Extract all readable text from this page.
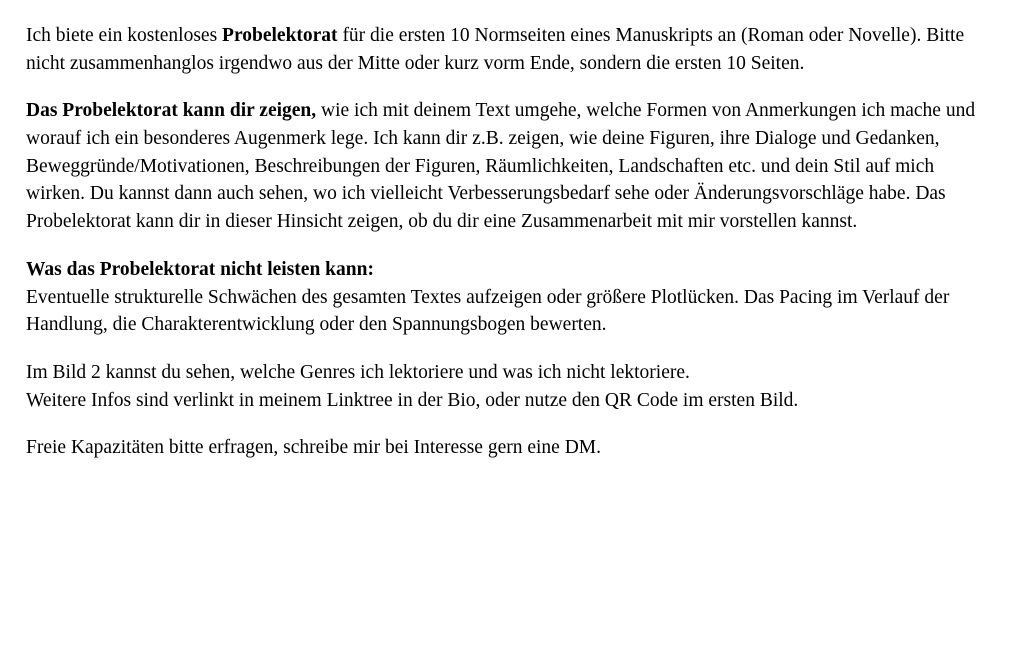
Ich biete ein kostenloses Probelektorat für die ersten 10 Normseiten eines Manuskripts an (Roman oder Novelle). Bitte nicht zusammenhanglos irgendwo aus der Mitte oder kurz vorm Ende, sondern die ersten 10 Seiten.
Das Probelektorat kann dir zeigen, wie ich mit deinem Text umgehe, welche Formen von Anmerkungen ich mache und worauf ich ein besonderes Augenmerk lege. Ich kann dir z.B. zeigen, wie deine Figuren, ihre Dialoge und Gedanken, Beweggründe/Motivationen, Beschreibungen der Figuren, Räumlichkeiten, Landschaften etc. und dein Stil auf mich wirken. Du kannst dann auch sehen, wo ich vielleicht Verbesserungsbedarf sehe oder Änderungsvorschläge habe. Das Probelektorat kann dir in dieser Hinsicht zeigen, ob du dir eine Zusammenarbeit mit mir vorstellen kannst.
Was das Probelektorat nicht leisten kann:
Eventuelle strukturelle Schwächen des gesamten Textes aufzeigen oder größere Plotlücken. Das Pacing im Verlauf der Handlung, die Charakterentwicklung oder den Spannungsbogen bewerten.
Im Bild 2 kannst du sehen, welche Genres ich lektoriere und was ich nicht lektoriere.
Weitere Infos sind verlinkt in meinem Linktree in der Bio, oder nutze den QR Code im ersten Bild.
Freie Kapazitäten bitte erfragen, schreibe mir bei Interesse gern eine DM.
